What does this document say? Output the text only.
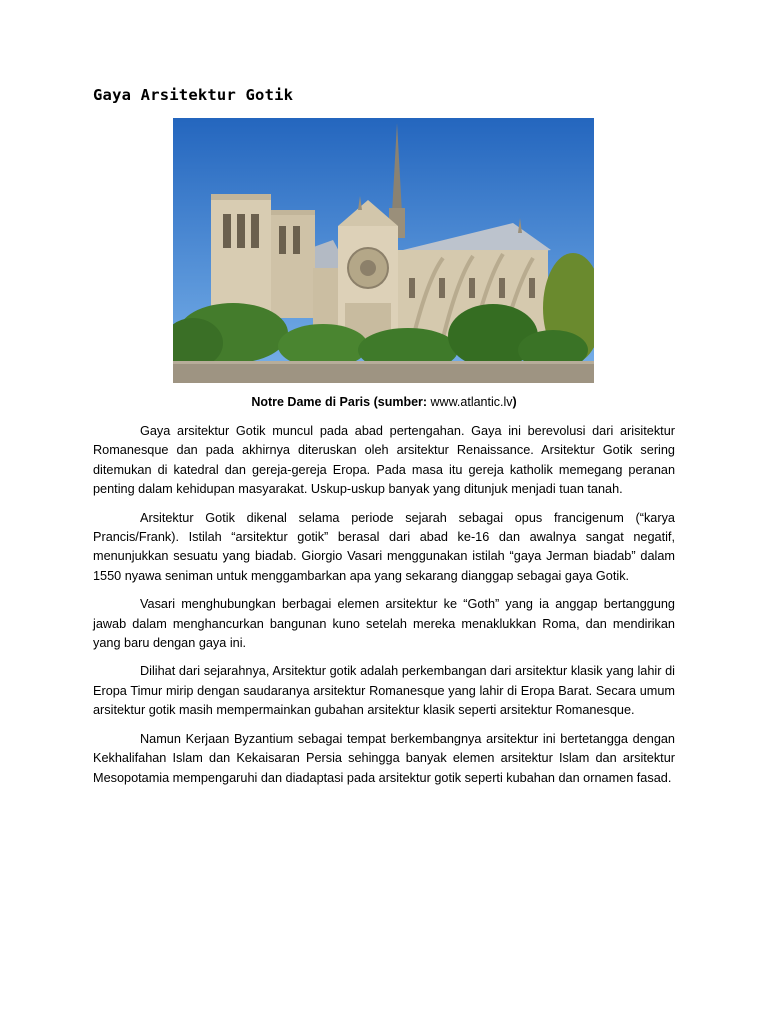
Gaya Arsitektur Gotik
Notre Dame di Paris (sumber: www.atlantic.lv)

Gaya arsitektur Gotik muncul pada abad pertengahan. Gaya ini berevolusi dari arisitektur Romanesque dan pada akhirnya diteruskan oleh arsitektur Renaissance. Arsitektur Gotik sering ditemukan di katedral dan gereja-gereja Eropa. Pada masa itu gereja katholik memegang peranan penting dalam kehidupan masyarakat. Uskup-uskup banyak yang ditunjuk menjadi tuan tanah.

Arsitektur Gotik dikenal selama periode sejarah sebagai opus francigenum (“karya Prancis/Frank). Istilah “arsitektur gotik” berasal dari abad ke-16 dan awalnya sangat negatif, menunjukkan sesuatu yang biadab. Giorgio Vasari menggunakan istilah “gaya Jerman biadab” dalam 1550 nyawa seniman untuk menggambarkan apa yang sekarang dianggap sebagai gaya Gotik.

Vasari menghubungkan berbagai elemen arsitektur ke “Goth” yang ia anggap bertanggung jawab dalam menghancurkan bangunan kuno setelah mereka menaklukkan Roma, dan mendirikan yang baru dengan gaya ini.

Dilihat dari sejarahnya, Arsitektur gotik adalah perkembangan dari arsitektur klasik yang lahir di Eropa Timur mirip dengan saudaranya arsitektur Romanesque yang lahir di Eropa Barat. Secara umum arsitektur gotik masih mempermainkan gubahan arsitektur klasik seperti arsitektur Romanesque.

Namun Kerjaan Byzantium sebagai tempat berkembangnya arsitektur ini bertetangga dengan Kekhalifahan Islam dan Kekaisaran Persia sehingga banyak elemen arsitektur Islam dan arsitektur Mesopotamia mempengaruhi dan diadaptasi pada arsitektur gotik seperti kubahan dan ornamen fasad.
